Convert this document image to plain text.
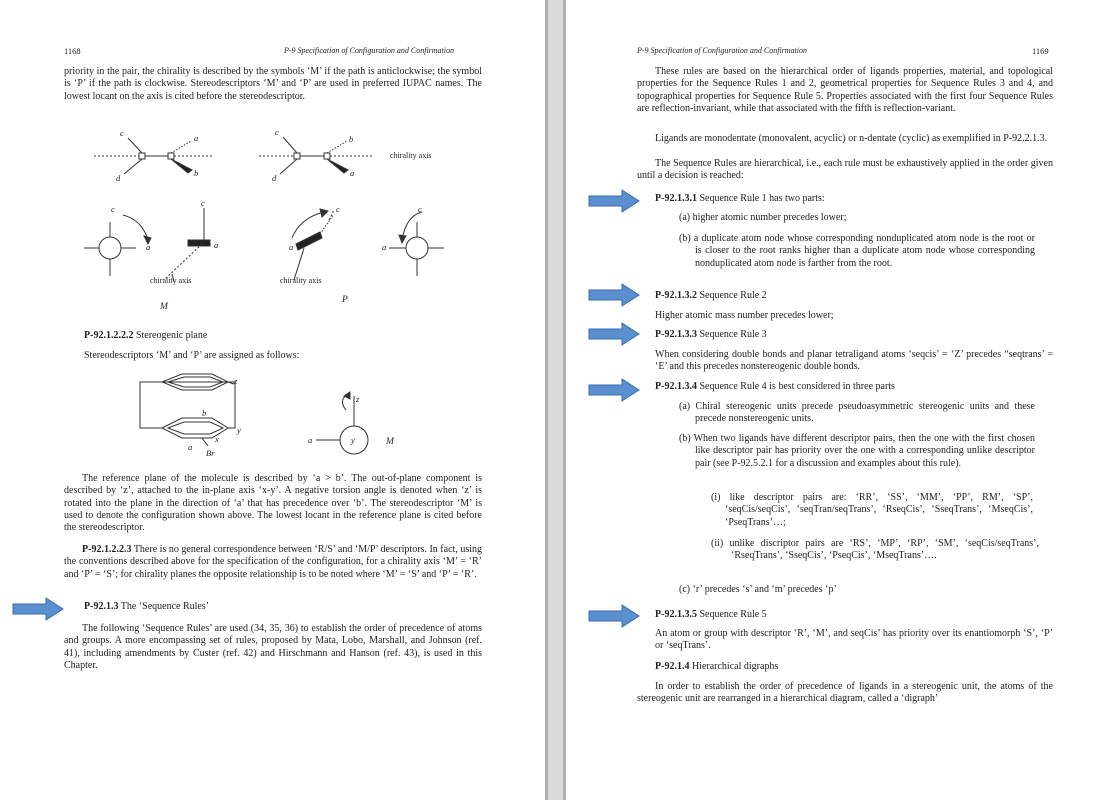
1168	P-9 Specification of Configuration and Confirmation
priority in the pair, the chirality is described by the symbols ‘M’ if the path is anticlockwise; the symbol is ‘P’ if the path is clockwise. Stereodescriptors ‘M’ and ‘P’ are used in preferred IUPAC names. The lowest locant on the axis is cited before the stereodescriptor.
c	a
d	b
c
b
d	a
c
a
c
a
c
a
c
a
chirality axis
chirality axis	chirality axis
M
P
P-92.1.2.2.2 Stereogenic plane
Stereodescriptors ‘M’ and ‘P’ are assigned as follows:
z
b
a
x
y
Br
a	y
z
M
The reference plane of the molecule is described by ‘a > b’. The out-of-plane component is described by ‘z’, attached to the in-plane axis ‘x-y’. A negative torsion angle is denoted when ‘z’ is rotated into the plane in the direction of ‘a’ that has precedence over ‘b’. The stereodescriptor ‘M’ is used to denote the configuration shown above. The lowest locant in the reference plane is cited before the stereodescriptor.
P-92.1.2.2.3 There is no general correspondence between ‘R/S’ and ‘M/P’ descriptors. In fact, using the conventions described above for the specification of the configuration, for a chirality axis ‘M’ = ‘R’ and ‘P’ = ‘S’; for chirality planes the opposite relationship is to be noted where ‘M’ = ‘S’ and ‘P’ = ‘R’.
P-92.1.3 The ‘Sequence Rules’
The following ‘Sequence Rules’ are used (34, 35, 36) to establish the order of precedence of atoms and groups. A more encompassing set of rules, proposed by Mata, Lobo, Marshall, and Johnson (ref. 41), including amendments by Custer (ref. 42) and Hirschmann and Hanson (ref. 43), is used in this Chapter.
P-9 Specification of Configuration and Confirmation	1169
These rules are based on the hierarchical order of ligands properties, material, and topological properties for the Sequence Rules 1 and 2, geometrical properties for Sequence Rules 3 and 4, and topographical properties for Sequence Rule 5. Properties associated with the first four Sequence Rules are reflection-invariant, while that associated with the fifth is reflection-variant.
Ligands are monodentate (monovalent, acyclic) or n-dentate (cyclic) as exemplified in P-92.2.1.3.
The Sequence Rules are hierarchical, i.e., each rule must be exhaustively applied in the order given until a decision is reached:
P-92.1.3.1 Sequence Rule 1 has two parts:
(a) higher atomic number precedes lower;
(b) a duplicate atom node whose corresponding nonduplicated atom node is the root or is closer to the root ranks higher than a duplicate atom node whose corresponding nonduplicated atom node is farther from the root.
P-92.1.3.2 Sequence Rule 2
Higher atomic mass number precedes lower;
P-92.1.3.3 Sequence Rule 3
When considering double bonds and planar tetraligand atoms ‘seqcis’ = ‘Z’ precedes “seqtrans’ = ‘E’ and this precedes nonstereogenic double bonds.
P-92.1.3.4 Sequence Rule 4 is best considered in three parts
(a) Chiral stereogenic units precede pseudoasymmetric stereogenic units and these precede nonstereogenic units.
(b) When two ligands have different descriptor pairs, then the one with the first chosen like descriptor pair has priority over the one with a corresponding unlike descriptor pair (see P-92.5.2.1 for a discussion and examples about this rule).
(i) like descriptor pairs are: ‘RR’, ‘SS’, ‘MM’, ‘PP’, RM’, ‘SP’, ‘seqCis/seqCis’, ‘seqTran/seqTrans’, ‘RseqCis’, ‘SseqTrans’, ‘MseqCis’, ‘PseqTrans’…;
(ii) unlike discriptor pairs are ‘RS’, ‘MP’, ‘RP’, ‘SM’, ‘seqCis/seqTrans’, ‘RseqTrans’, ‘SseqCis’, ‘PseqCis’, ‘MseqTrans’….
(c) ‘r’ precedes ‘s’ and ‘m’ precedes ‘p’
P-92.1.3.5 Sequence Rule 5
An atom or group with descriptor ‘R’, ‘M’, and seqCis’ has priority over its enantiomorph ‘S’, ‘P’ or ‘seqTrans’.
P-92.1.4 Hierarchical digraphs
In order to establish the order of precedence of ligands in a stereogenic unit, the atoms of the stereogenic unit are rearranged in a hierarchical diagram, called a ‘digraph’
